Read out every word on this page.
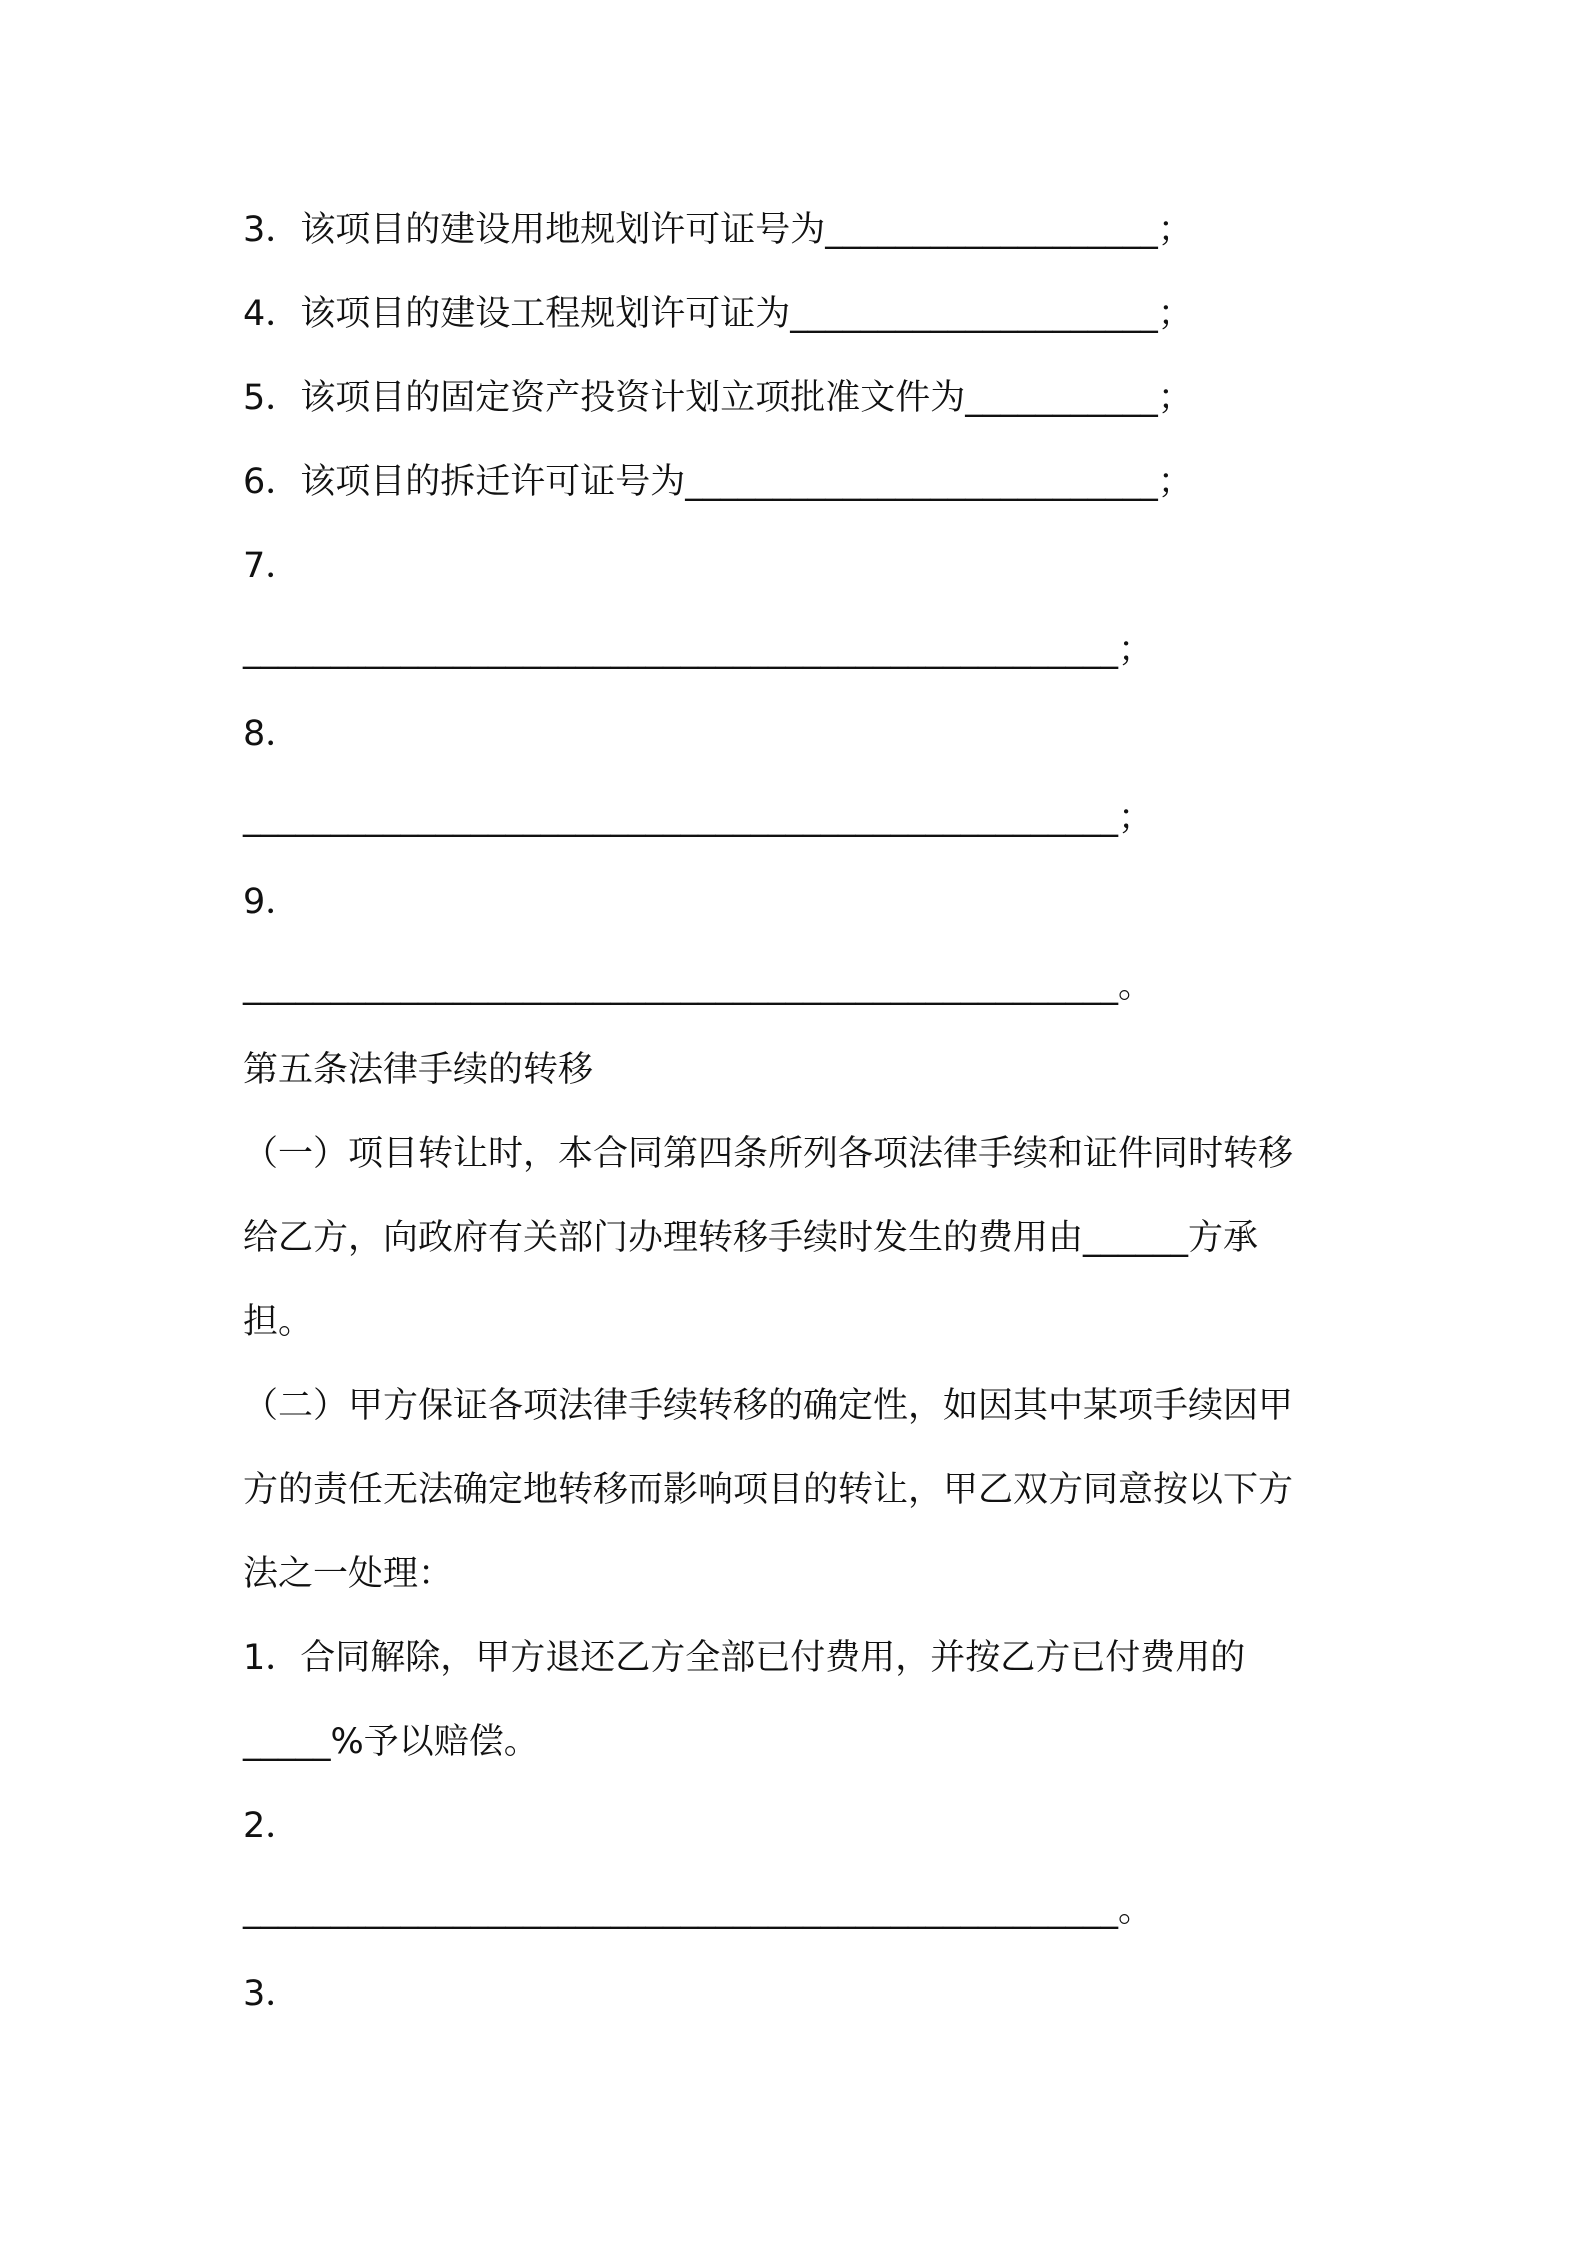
3．该项目的建设用地规划许可证号为___________________；
4．该项目的建设工程规划许可证为_____________________；
5．该项目的固定资产投资计划立项批准文件为___________；
6．该项目的拆迁许可证号为___________________________；
7．
__________________________________________________；
8．
__________________________________________________；
9．
__________________________________________________。
第五条法律手续的转移
（一）项目转让时，本合同第四条所列各项法律手续和证件同时转移
给乙方，向政府有关部门办理转移手续时发生的费用由______方承
担。
（二）甲方保证各项法律手续转移的确定性，如因其中某项手续因甲
方的责任无法确定地转移而影响项目的转让，甲乙双方同意按以下方
法之一处理：
1．合同解除，甲方退还乙方全部已付费用，并按乙方已付费用的
_____%予以赔偿。
2．
__________________________________________________。
3．
